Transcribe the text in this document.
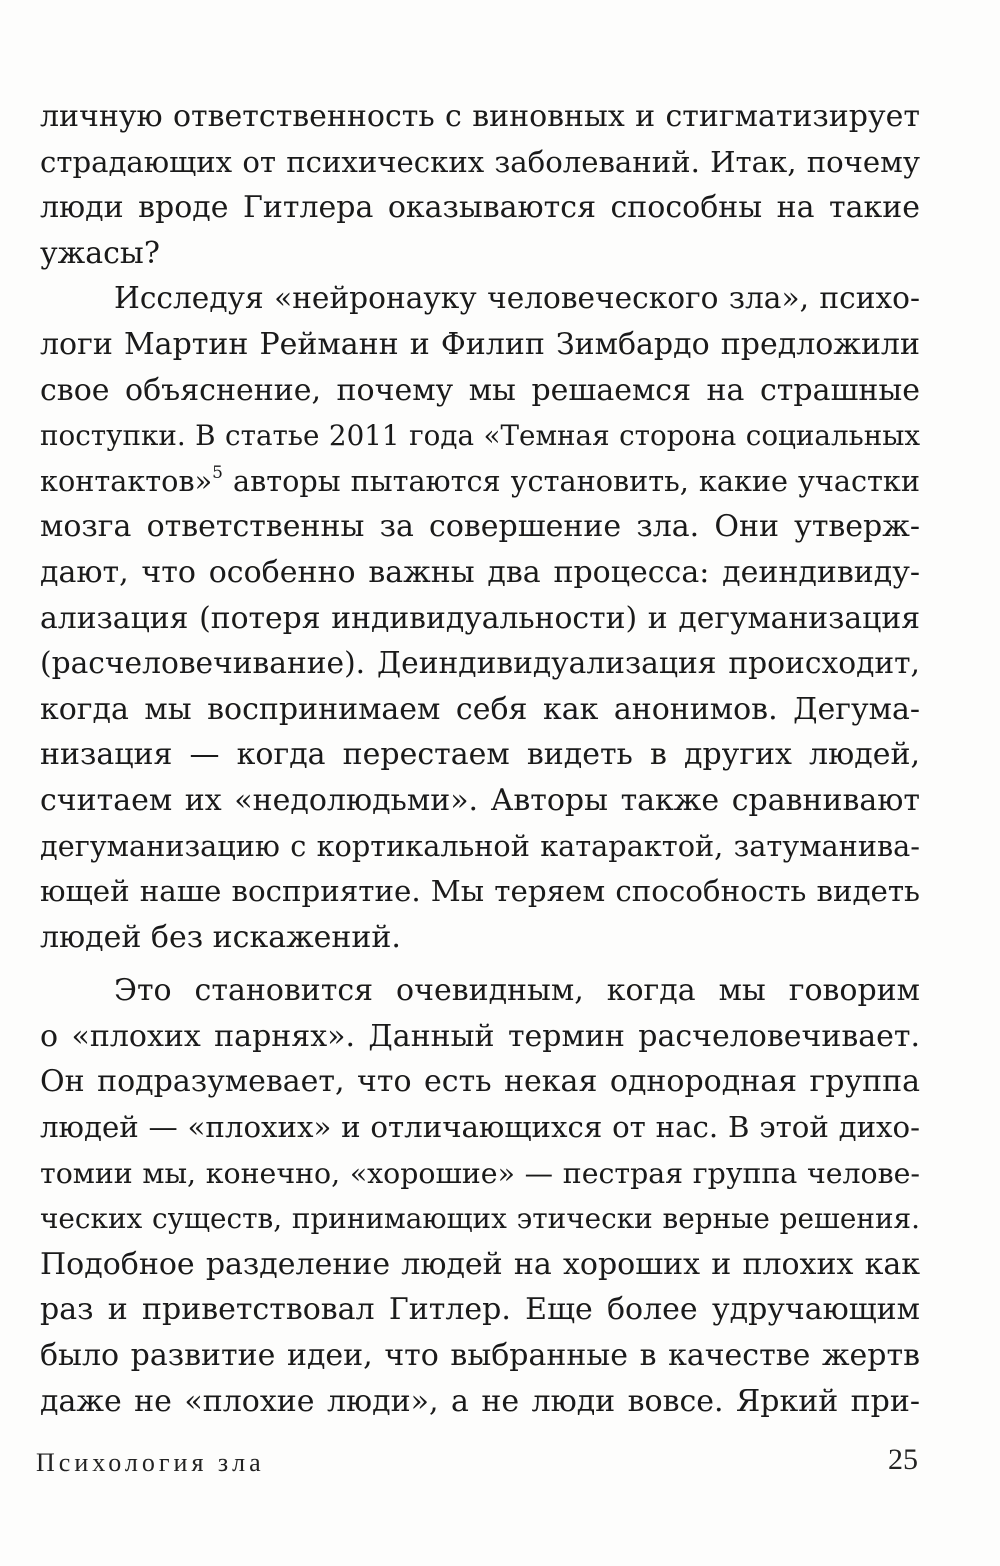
личную ответственность с виновных и стигматизирует
страдающих от психических заболеваний. Итак, почему
люди вроде Гитлера оказываются способны на такие
ужасы?
Исследуя «нейронауку человеческого зла», психо-
логи Мартин Рейманн и Филип Зимбардо предложили
свое объяснение, почему мы решаемся на страшные
поступки. В статье 2011 года «Темная сторона социальных
контактов»$^5$ авторы пытаются установить, какие участки
мозга ответственны за совершение зла. Они утверж-
дают, что особенно важны два процесса: деиндивиду-
ализация (потеря индивидуальности) и дегуманизация
(расчеловечивание). Деиндивидуализация происходит,
когда мы воспринимаем себя как анонимов. Дегума-
низация — когда перестаем видеть в других людей,
считаем их «недолюдьми». Авторы также сравнивают
дегуманизацию с кортикальной катарактой, затуманива-
ющей наше восприятие. Мы теряем способность видеть
людей без искажений.
Это становится очевидным, когда мы говорим
о «плохих парнях». Данный термин расчеловечивает.
Он подразумевает, что есть некая однородная группа
людей — «плохих» и отличающихся от нас. В этой дихо-
томии мы, конечно, «хорошие» — пестрая группа челове-
ческих существ, принимающих этически верные решения.
Подобное разделение людей на хороших и плохих как
раз и приветствовал Гитлер. Еще более удручающим
было развитие идеи, что выбранные в качестве жертв
даже не «плохие люди», а не люди вовсе. Яркий при-
Психология зла	25
